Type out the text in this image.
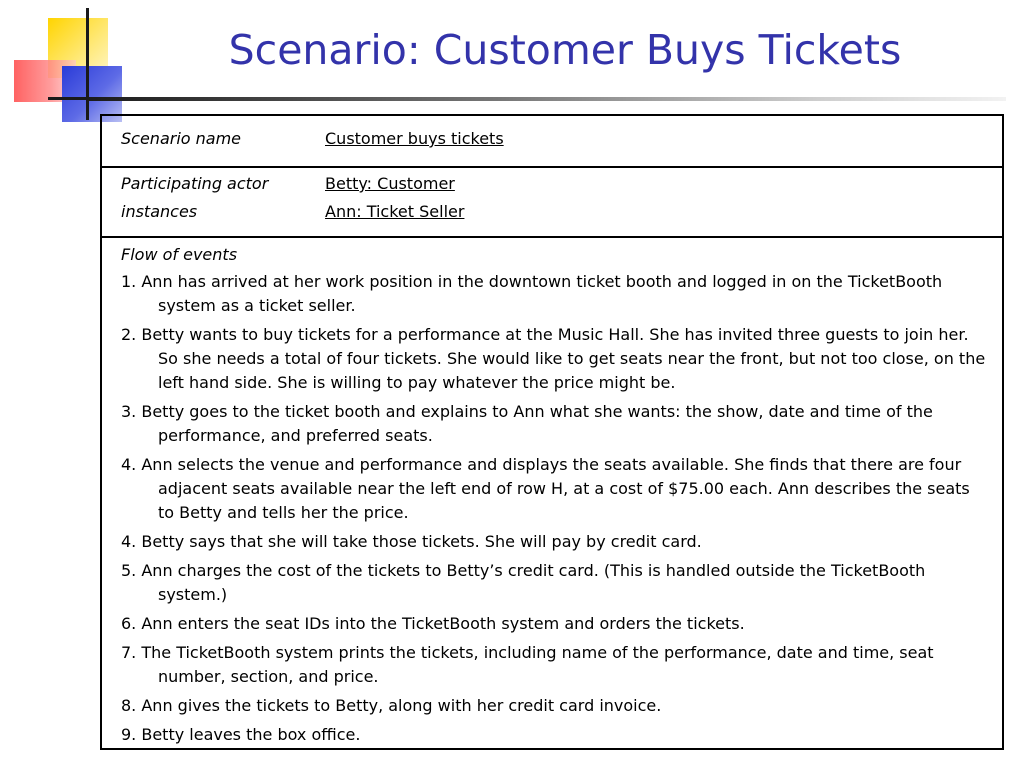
Scenario: Customer Buys Tickets
Scenario name	Customer buys tickets
Participating actor
instances
Betty: Customer
Ann: Ticket Seller
Flow of events
1. Ann has arrived at her work position in the downtown ticket booth and logged in on the TicketBooth system as a ticket seller.
2. Betty wants to buy tickets for a performance at the Music Hall. She has invited three guests to join her. So she needs a total of four tickets. She would like to get seats near the front, but not too close, on the left hand side. She is willing to pay whatever the price might be.
3. Betty goes to the ticket booth and explains to Ann what she wants: the show, date and time of the performance, and preferred seats.
4. Ann selects the venue and performance and displays the seats available. She finds that there are four adjacent seats available near the left end of row H, at a cost of $75.00 each. Ann describes the seats to Betty and tells her the price.
4. Betty says that she will take those tickets. She will pay by credit card.
5. Ann charges the cost of the tickets to Betty’s credit card. (This is handled outside the TicketBooth system.)
6. Ann enters the seat IDs into the TicketBooth system and orders the tickets.
7. The TicketBooth system prints the tickets, including name of the performance, date and time, seat number, section, and price.
8. Ann gives the tickets to Betty, along with her credit card invoice.
9. Betty leaves the box office.
